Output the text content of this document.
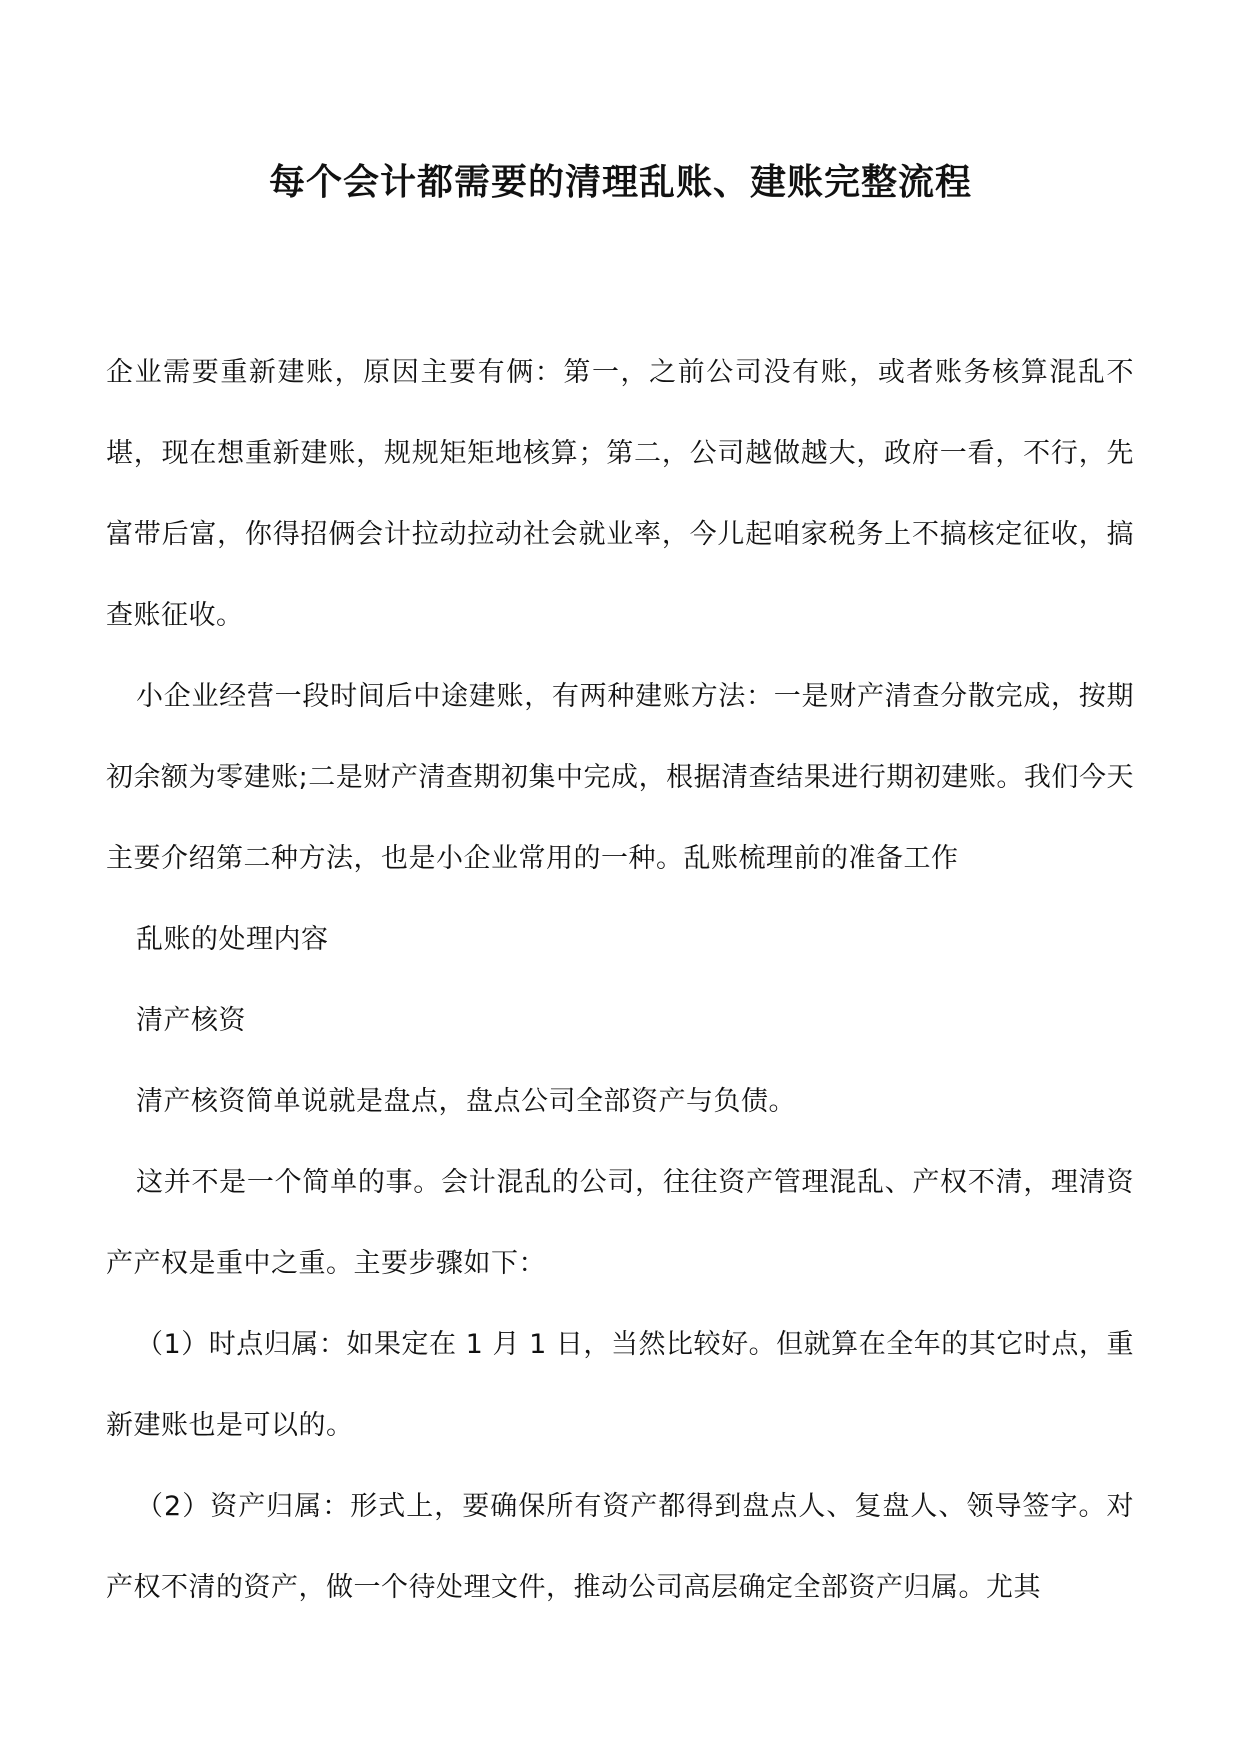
每个会计都需要的清理乱账、建账完整流程

企业需要重新建账，原因主要有俩：第一，之前公司没有账，或者账务核算混乱不堪，现在想重新建账，规规矩矩地核算；第二，公司越做越大，政府一看，不行，先富带后富，你得招俩会计拉动拉动社会就业率，今儿起咱家税务上不搞核定征收，搞查账征收。

小企业经营一段时间后中途建账，有两种建账方法：一是财产清查分散完成，按期初余额为零建账;二是财产清查期初集中完成，根据清查结果进行期初建账。我们今天主要介绍第二种方法，也是小企业常用的一种。乱账梳理前的准备工作

乱账的处理内容

清产核资

清产核资简单说就是盘点，盘点公司全部资产与负债。

这并不是一个简单的事。会计混乱的公司，往往资产管理混乱、产权不清，理清资产产权是重中之重。主要步骤如下：

（1）时点归属：如果定在 1 月 1 日，当然比较好。但就算在全年的其它时点，重新建账也是可以的。

（2）资产归属：形式上，要确保所有资产都得到盘点人、复盘人、领导签字。对产权不清的资产，做一个待处理文件，推动公司高层确定全部资产归属。尤其
